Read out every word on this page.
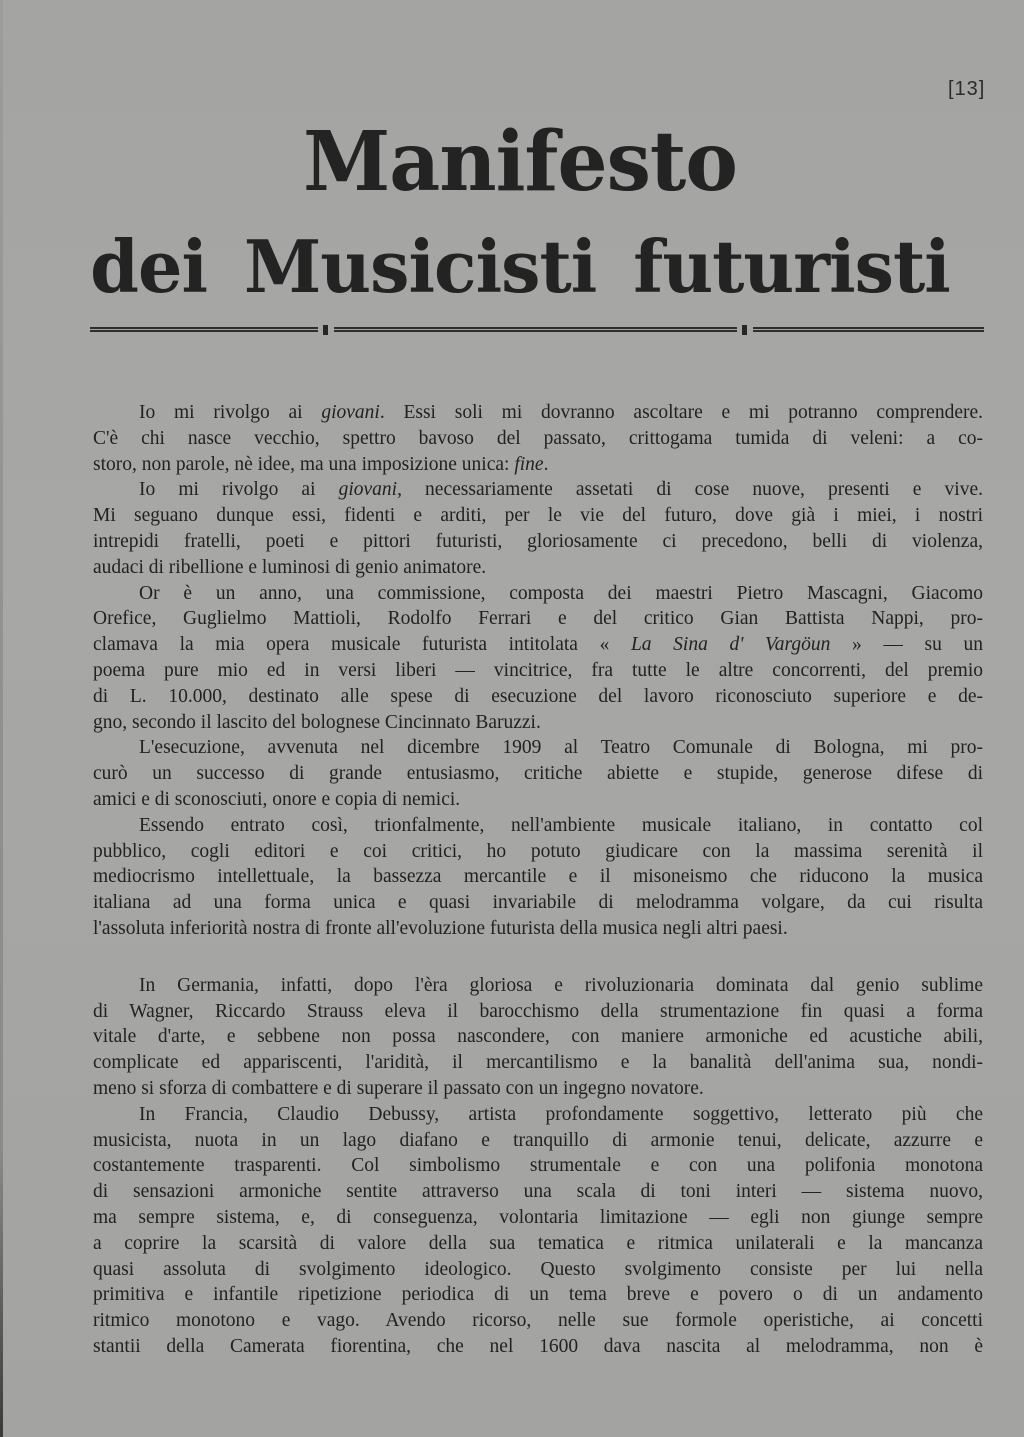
[13]
Manifesto
dei Musicisti futuristi

Io mi rivolgo ai giovani. Essi soli mi dovranno ascoltare e mi potranno comprendere.
C'è chi nasce vecchio, spettro bavoso del passato, crittogama tumida di veleni: a co-
storo, non parole, nè idee, ma una imposizione unica: fine.

Io mi rivolgo ai giovani, necessariamente assetati di cose nuove, presenti e vive.
Mi seguano dunque essi, fidenti e arditi, per le vie del futuro, dove già i miei, i nostri
intrepidi fratelli, poeti e pittori futuristi, gloriosamente ci precedono, belli di violenza,
audaci di ribellione e luminosi di genio animatore.

Or è un anno, una commissione, composta dei maestri Pietro Mascagni, Giacomo
Orefice, Guglielmo Mattioli, Rodolfo Ferrari e del critico Gian Battista Nappi, pro-
clamava la mia opera musicale futurista intitolata « La Sina d' Vargöun » — su un
poema pure mio ed in versi liberi — vincitrice, fra tutte le altre concorrenti, del premio
di L. 10.000, destinato alle spese di esecuzione del lavoro riconosciuto superiore e de-
gno, secondo il lascito del bolognese Cincinnato Baruzzi.

L'esecuzione, avvenuta nel dicembre 1909 al Teatro Comunale di Bologna, mi pro-
curò un successo di grande entusiasmo, critiche abiette e stupide, generose difese di
amici e di sconosciuti, onore e copia di nemici.

Essendo entrato così, trionfalmente, nell'ambiente musicale italiano, in contatto col
pubblico, cogli editori e coi critici, ho potuto giudicare con la massima serenità il
mediocrismo intellettuale, la bassezza mercantile e il misoneismo che riducono la musica
italiana ad una forma unica e quasi invariabile di melodramma volgare, da cui risulta
l'assoluta inferiorità nostra di fronte all'evoluzione futurista della musica negli altri paesi.

In Germania, infatti, dopo l'èra gloriosa e rivoluzionaria dominata dal genio sublime
di Wagner, Riccardo Strauss eleva il barocchismo della strumentazione fin quasi a forma
vitale d'arte, e sebbene non possa nascondere, con maniere armoniche ed acustiche abili,
complicate ed appariscenti, l'aridità, il mercantilismo e la banalità dell'anima sua, nondi-
meno si sforza di combattere e di superare il passato con un ingegno novatore.

In Francia, Claudio Debussy, artista profondamente soggettivo, letterato più che
musicista, nuota in un lago diafano e tranquillo di armonie tenui, delicate, azzurre e
costantemente trasparenti. Col simbolismo strumentale e con una polifonia monotona
di sensazioni armoniche sentite attraverso una scala di toni interi — sistema nuovo,
ma sempre sistema, e, di conseguenza, volontaria limitazione — egli non giunge sempre
a coprire la scarsità di valore della sua tematica e ritmica unilaterali e la mancanza
quasi assoluta di svolgimento ideologico. Questo svolgimento consiste per lui nella
primitiva e infantile ripetizione periodica di un tema breve e povero o di un andamento
ritmico monotono e vago. Avendo ricorso, nelle sue formole operistiche, ai concetti
stantii della Camerata fiorentina, che nel 1600 dava nascita al melodramma, non è
